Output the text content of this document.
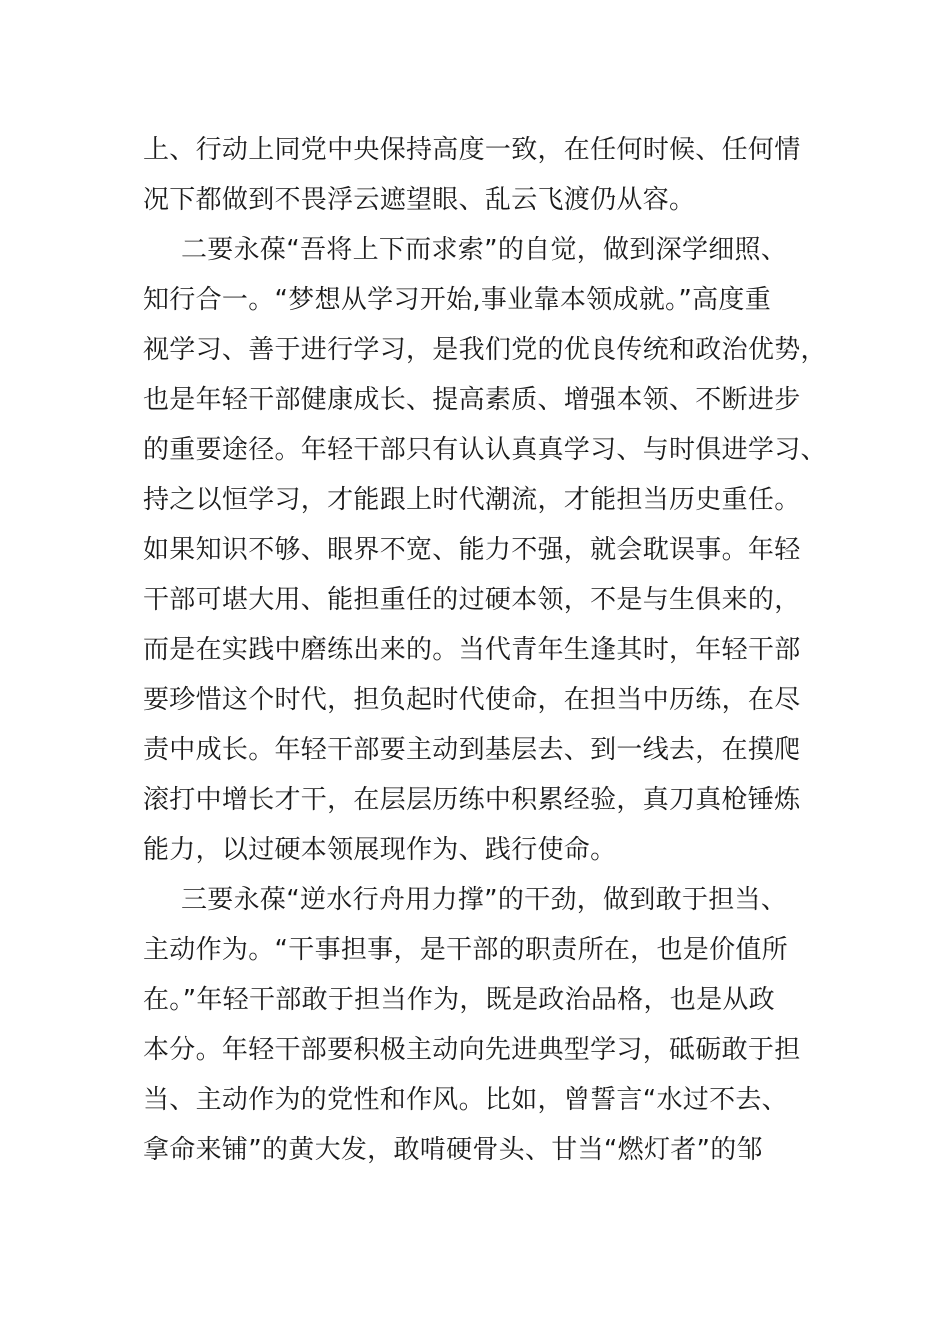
上、行动上同党中央保持高度一致，在任何时候、任何情
况下都做到不畏浮云遮望眼、乱云飞渡仍从容。
二要永葆“吾将上下而求索”的自觉，做到深学细照、
知行合一。“梦想从学习开始,事业靠本领成就。”高度重
视学习、善于进行学习，是我们党的优良传统和政治优势，
也是年轻干部健康成长、提高素质、增强本领、不断进步
的重要途径。年轻干部只有认认真真学习、与时俱进学习、
持之以恒学习，才能跟上时代潮流，才能担当历史重任。
如果知识不够、眼界不宽、能力不强，就会耽误事。年轻
干部可堪大用、能担重任的过硬本领，不是与生俱来的，
而是在实践中磨练出来的。当代青年生逢其时，年轻干部
要珍惜这个时代，担负起时代使命，在担当中历练，在尽
责中成长。年轻干部要主动到基层去、到一线去，在摸爬
滚打中增长才干，在层层历练中积累经验，真刀真枪锤炼
能力，以过硬本领展现作为、践行使命。
三要永葆“逆水行舟用力撑”的干劲，做到敢于担当、
主动作为。“干事担事，是干部的职责所在，也是价值所
在。”年轻干部敢于担当作为，既是政治品格，也是从政
本分。年轻干部要积极主动向先进典型学习，砥砺敢于担
当、主动作为的党性和作风。比如，曾誓言“水过不去、
拿命来铺”的黄大发，敢啃硬骨头、甘当“燃灯者”的邹
